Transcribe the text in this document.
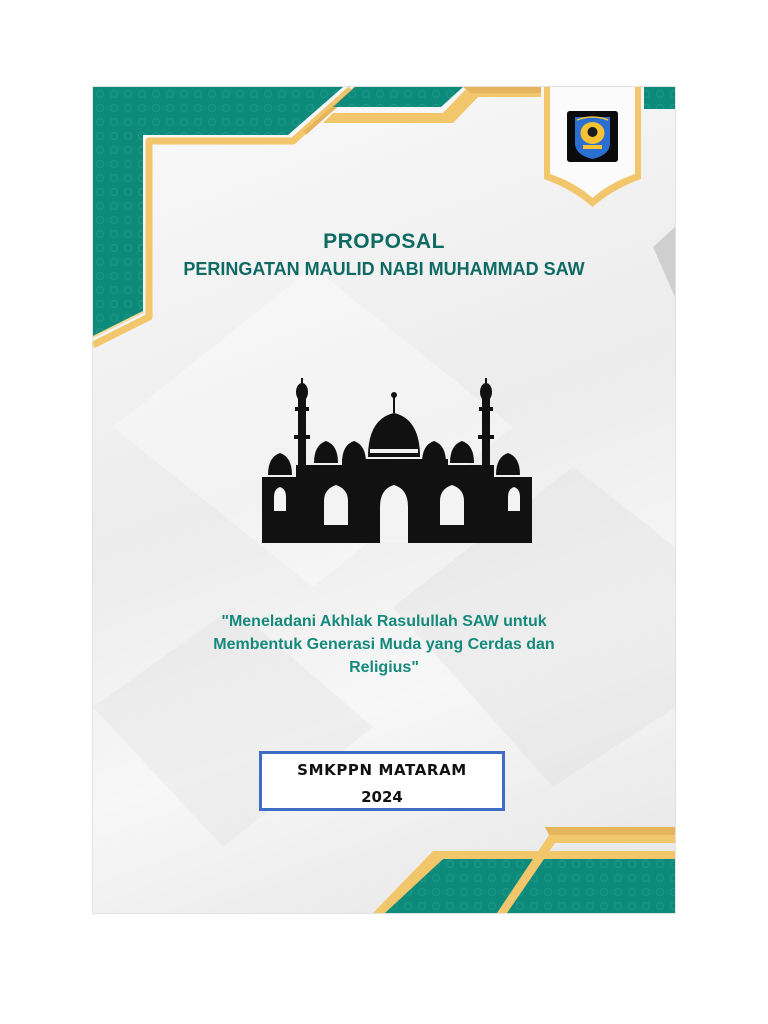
PROPOSAL
PERINGATAN MAULID NABI MUHAMMAD SAW

"Meneladani Akhlak Rasulullah SAW untuk Membentuk Generasi Muda yang Cerdas dan Religius"

SMKPPN MATARAM

2024
